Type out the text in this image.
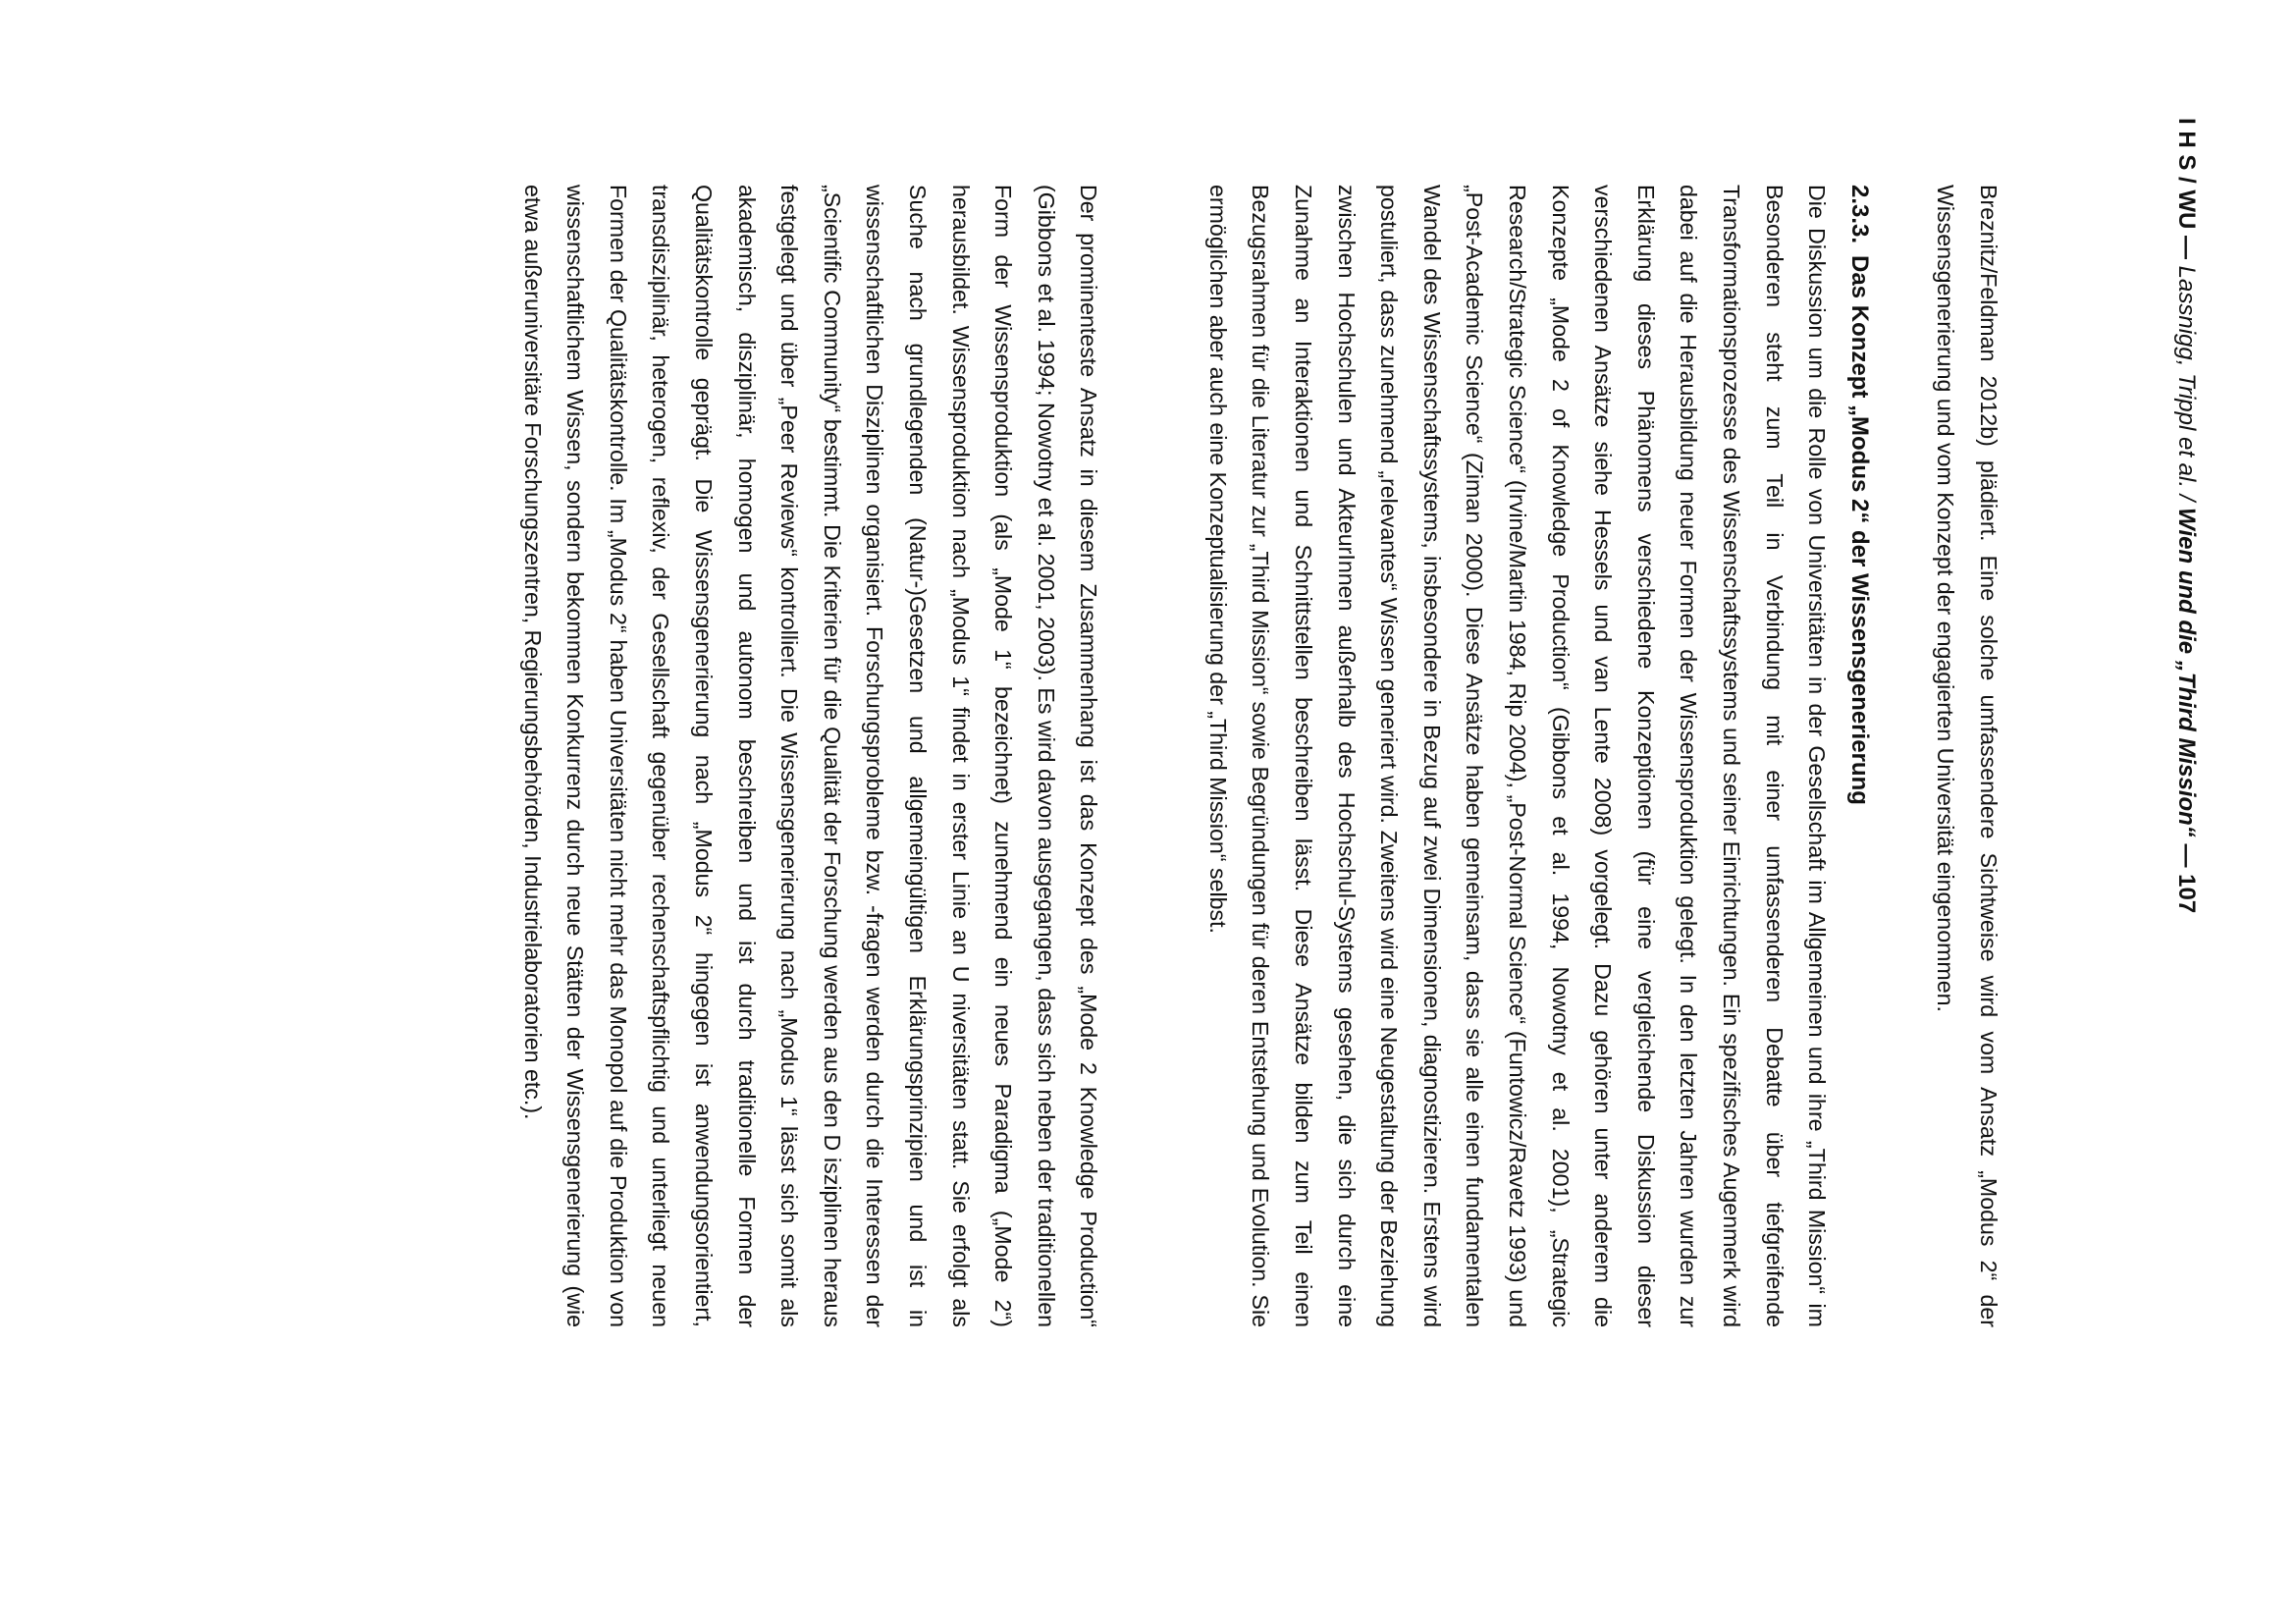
I H S / WU — Lassnigg, Trippl et al. / Wien und die „Third Mission“ — 107

Breznitz/Feldman 2012b) plädiert. Eine solche umfassendere Sichtweise wird vom Ansatz „Modus 2“ der Wissensgenerierung und vom Konzept der engagierten Universität eingenommen.

2.3.3.
Das Konzept „Modus 2“ der Wissensgenerierung

Die Diskussion um die Rolle von Universitäten in der Gesellschaft im Allgemeinen und ihre „Third Mission“ im Besonderen steht zum Teil in Verbindung mit einer umfassenderen Debatte über tiefgreifende Transformationsprozesse des Wissenschaftssystems und seiner Einrichtungen. Ein spezifisches Augenmerk wird dabei auf die Herausbildung neuer Formen der Wissensproduktion gelegt. In den letzten Jahren wurden zur Erklärung dieses Phänomens verschiedene Konzeptionen (für eine vergleichende Diskussion dieser verschiedenen Ansätze siehe Hessels und van Lente 2008) vorgelegt. Dazu gehören unter anderem die Konzepte „Mode 2 of Knowledge Production“ (Gibbons et al. 1994, Nowotny et al. 2001), „Strategic Research/Strategic Science“ (Irvine/Martin 1984, Rip 2004), „Post-Normal Science“ (Funtowicz/Ravetz 1993) und „Post-Academic Science“ (Ziman 2000). Diese Ansätze haben gemeinsam, dass sie alle einen fundamentalen Wandel des Wissenschaftssystems, insbesondere in Bezug auf zwei Dimensionen, diagnostizieren. Erstens wird postuliert, dass zunehmend „relevantes“ Wissen generiert wird. Zweitens wird eine Neugestaltung der Beziehung zwischen Hochschulen und AkteurInnen außerhalb des Hochschul-Systems gesehen, die sich durch eine Zunahme an Interaktionen und Schnittstellen beschreiben lässt. Diese Ansätze bilden zum Teil einen Bezugsrahmen für die Literatur zur „Third Mission“ sowie Begründungen für deren Entstehung und Evolution. Sie ermöglichen aber auch eine Konzeptualisierung der „Third Mission“ selbst.

Der prominenteste Ansatz in diesem Zusammenhang ist das Konzept des „Mode 2 Knowledge Production“ (Gibbons et al. 1994; Nowotny et al. 2001, 2003). Es wird davon ausgegangen, dass sich neben der traditionellen Form der Wissensproduktion (als „Mode 1“ bezeichnet) zunehmend ein neues Paradigma („Mode 2“) herausbildet. Wissensproduktion nach „Modus 1“ findet in erster Linie an U niversitäten statt. Sie erfolgt als Suche nach grundlegenden (Natur-)Gesetzen und allgemeingültigen Erklärungsprinzipien und ist in wissenschaftlichen Disziplinen organisiert. Forschungsprobleme bzw. -fragen werden durch die Interessen der „Scientific Community“ bestimmt. Die Kriterien für die Qualität der Forschung werden aus den D isziplinen heraus festgelegt und über „Peer Reviews“ kontrolliert. Die Wissensgenerierung nach „Modus 1“ lässt sich somit als akademisch, disziplinär, homogen und autonom beschreiben und ist durch traditionelle Formen der Qualitätskontrolle geprägt. Die Wissensgenerierung nach „Modus 2“ hingegen ist anwendungsorientiert, transdisziplinär, heterogen, reflexiv, der Gesellschaft gegenüber rechenschaftspflichtig und unterliegt neuen Formen der Qualitätskontrolle. Im „Modus 2“ haben Universitäten nicht mehr das Monopol auf die Produktion von wissenschaftlichem Wissen, sondern bekommen Konkurrenz durch neue Stätten der Wissensgenerierung (wie etwa außeruniversitäre Forschungszentren, Regierungsbehörden, Industrielaboratorien etc.).
